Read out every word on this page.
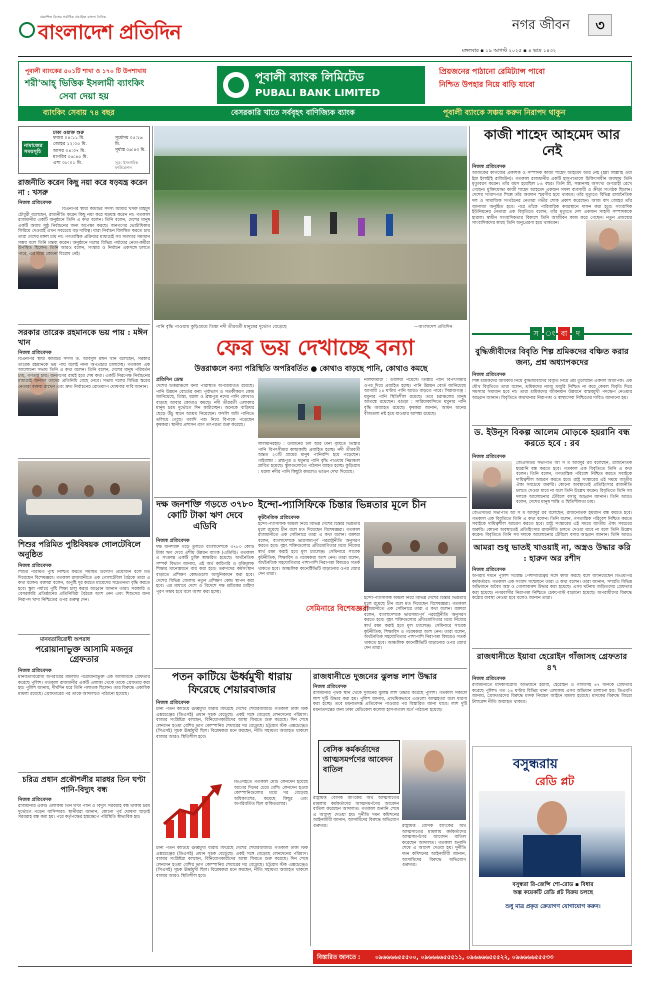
প্রকাশিত বিশ্বের সর্বাধিক প্রচারিত বাংলা দৈনিক
বাংলাদেশ প্রতিদিন	নগর জীবন	৩
মঙ্গলবার ▪ ১৯ আগস্ট ২০২৫ ▪ ৪ ভাদ্র ১৪৩২
পূবালী ব্যাংকের ৫০১টি শাখা ও ১৭০ টি উপশাখায়
শরী'আহ্ ভিত্তিক ইসলামী ব্যাংকিং
সেবা দেয়া হয়
পূবালী ব্যাংক লিমিটেড
PUBALI BANK LIMITED
প্রিয়জনের পাঠানো রেমিট্যান্স পাবো
নিশ্চিত উপহার নিয়ে বাড়ি যাবো
ব্যাংকিং সেবায় ৭৪ বছর	বেসরকারি খাতে সর্ববৃহৎ বাণিজ্যিক ব্যাংক	পূবালী ব্যাংকে সঞ্চয় করুন নিরাপদ থাকুন
নামাজের সময়সূচি
ঢাকা ওয়াক্ত শুরু
ফজর ০৪:১১ মি.
জোহর ১২:০৫ মি.
আসর ০৪:৩৭ মি.
মাগরিব ০৬:৪৫ মি.
এশা ০৮:০১ মি.
সূর্যোদয় ০৫:২৬ মি.
সূর্যাস্ত ০৬:৪৩ মি.
সূত্র: ইসলামিক ফাউন্ডেশন
রাজনীতি করেন কিছু নয়া করে ষড়যন্ত্র করেন না : খসরু
নিজস্ব প্রতিবেদক
বিএনপির স্থায়ী কমিটির সদস্য আমীর খসরু মাহমুদ চৌধুরী বলেছেন, রাজনীতি করেন কিছু নয়া করে ষড়যন্ত্র করেন না। গতকাল রাজধানীর একটি অনুষ্ঠানে তিনি এ কথা বলেন। তিনি বলেন, দেশের মানুষ একটি অবাধ সুষ্ঠু নির্বাচনের জন্য অপেক্ষা করছে। জনগণের ভোটাধিকার ফিরিয়ে দেওয়াই এখন সবচেয়ে বড় দায়িত্ব। যারা নির্বাচন বিলম্বিত করতে চায় তারা দেশের মঙ্গল চায় না। গণতান্ত্রিক প্রক্রিয়ার মাধ্যমেই সব সমস্যার সমাধান সম্ভব বলে তিনি মন্তব্য করেন। অনুষ্ঠানে দলের বিভিন্ন পর্যায়ের নেতা-কর্মীরা উপস্থিত ছিলেন। তিনি আরও বলেন, সংস্কার ও নির্বাচন একসঙ্গে চলতে পারে, এর মধ্যে কোনো বিরোধ নেই।
সরকার তারেক রহমানকে ভয় পায় : মঈন খান
নিজস্ব প্রতিবেদক
বিএনপির স্থায়ী কমিটির সদস্য ড. আবদুল মঈন খান বলেছেন, সরকার তারেক রহমানকে ভয় পায় বলেই নানা অপপ্রচার চালাচ্ছে। গতকাল এক আলোচনা সভায় তিনি এ কথা বলেন। তিনি বলেন, দেশের মানুষ পরিবর্তন চায়, গণতন্ত্র চায়। জনগণের রায়ই হবে শেষ কথা। একটি নিরপেক্ষ নির্বাচনের মাধ্যমেই জনগণ তাদের প্রতিনিধি বেছে নেবে। সভায় দলের বিভিন্ন স্তরের নেতারা বক্তব্য রাখেন এবং দ্রুত নির্বাচনের রোডম্যাপ ঘোষণার দাবি জানান।
শিশুর পরিমিত পুষ্টিবিষয়ক গোলটেবিলে অনুষ্ঠিত
নিজস্ব প্রতিবেদক
শিশুর পরিমিত পুষ্টি নিশ্চিত করতে সমন্বিত উদ্যোগ প্রয়োজন বলে মত দিয়েছেন বিশেষজ্ঞরা। গতকাল রাজধানীতে এক গোলটেবিল বৈঠকে তারা এ কথা বলেন। বক্তারা বলেন, অপুষ্টি দূর করতে মায়েদের সচেতনতা বৃদ্ধি করতে হবে। স্কুল পর্যায়ে পুষ্টি শিক্ষা চালু করার আহ্বান জানান তারা। সরকারি ও বেসরকারি প্রতিষ্ঠানের প্রতিনিধিরা বৈঠকে অংশ নেন এবং শিশুদের জন্য নিরাপদ খাদ্য নিশ্চিতের ওপর গুরুত্ব দেন।
মানবতাবিরোধী অপরাধ
পরোয়ানাভুক্ত আসামি মজনুর গ্রেফতার
নিজস্ব প্রতিবেদক
মানবতাবিরোধী অপরাধের মামলায় পরোয়ানাভুক্ত এক আসামিকে গ্রেফতার করেছে পুলিশ। গতকাল রাজধানীর একটি এলাকা থেকে তাকে গ্রেফতার করা হয়। পুলিশ জানায়, দীর্ঘদিন ধরে তিনি পলাতক ছিলেন। তার বিরুদ্ধে একাধিক মামলা রয়েছে। গ্রেফতারের পর তাকে আদালতে পাঠানো হয়েছে।
চরিত্র প্রধান প্রকৌশলীর মারধর তিন ঘণ্টা পানি-বিদ্যুৎ বন্ধ
নিজস্ব প্রতিবেদক
রাজধানীর একটি এলাকায় তিন ঘণ্টা পানি ও বিদ্যুৎ সরবরাহ বন্ধ থাকায় চরম দুর্ভোগে পড়েন বাসিন্দারা। স্থানীয়রা জানান, কোনো পূর্ব ঘোষণা ছাড়াই সরবরাহ বন্ধ করা হয়। পরে কর্তৃপক্ষের হস্তক্ষেপে পরিস্থিতি স্বাভাবিক হয়।
পানি বৃদ্ধি পাওয়ায় কুড়িগ্রামে তিস্তা নদী তীরবর্তী মানুষের দুর্ভোগ বেড়েছে	—বাংলাদেশ প্রতিদিন
ফের ভয় দেখাচ্ছে বন্যা
উত্তরাঞ্চলে বন্যা পরিস্থিতি অপরিবর্তিত ● কোথাও বাড়ছে পানি, কোথাও কমছে
প্রতিদিন ডেস্ক
দেশের উত্তরাঞ্চলে বন্যা পরিস্থিতি অপরিবর্তিত রয়েছে। পানি উন্নয়ন বোর্ডের বন্যা পূর্বাভাস ও সতর্কীকরণ কেন্দ্র জানিয়েছে, তিস্তা, ধরলা ও ব্রহ্মপুত্র নদের পানি কোথাও বাড়ছে আবার কোথাও কমছে। নদী তীরবর্তী এলাকার মানুষ চরম দুর্ভোগে দিন কাটাচ্ছেন। অনেকে বাড়িঘর ছেড়ে উঁচু স্থানে আশ্রয় নিয়েছেন। ফসলি জমি পানিতে তলিয়ে গেছে। গবাদি পশু নিয়ে বিপাকে পড়েছেন কৃষকরা। স্থানীয় প্রশাসন ত্রাণ তৎপরতা শুরু করেছে।
লালমনিরহাট : উজানের ঢল আর টানা বৃষ্টিতে তিস্তার পানি বিপৎসীমার কাছাকাছি প্রবাহিত হচ্ছে। নদী তীরবর্তী অন্তত ২০টি গ্রামের মানুষ পানিবন্দি হয়ে পড়েছেন। গাইবান্ধা : ব্রহ্মপুত্র ও যমুনার পানি বৃদ্ধি পাওয়ায় নিম্নাঞ্চল প্লাবিত হয়েছে। স্কুলগুলোতে পাঠদান ব্যাহত হচ্ছে। কুড়িগ্রাম : ধরলা নদীর পানি কিছুটা কমলেও ভাঙন দেখা দিয়েছে।
নীলফামারী : ডালিয়া পয়েন্টে তিস্তার পানি বিপৎসীমার ওপর দিয়ে প্রবাহিত হচ্ছে। পানি উন্নয়ন বোর্ড জানিয়েছে আগামী ২৪ ঘণ্টায় পানি আরও বাড়তে পারে। সিরাজগঞ্জ : যমুনার পানি স্থিতিশীল রয়েছে। তবে চরাঞ্চলের মানুষ আতঙ্কে রয়েছেন। বগুড়া : সারিয়াকান্দিতে যমুনার পানি বৃদ্ধি অব্যাহত রয়েছে। কৃষকরা জানান, আমন ধানের বীজতলা নষ্ট হয়ে যাওয়ার আশঙ্কা রয়েছে।
দক্ষ জনশক্তি গড়তে ৩৭৮০ কোটি টাকা ঋণ দেবে এডিবি
নিজস্ব প্রতিবেদক
দক্ষ জনশক্তি গড়ে তুলতে বাংলাদেশকে ৩৭৮০ কোটি টাকা ঋণ দেবে এশীয় উন্নয়ন ব্যাংক (এডিবি)। গতকাল এ সংক্রান্ত একটি চুক্তি স্বাক্ষরিত হয়েছে। অর্থনৈতিক সম্পর্ক বিভাগ জানায়, এই অর্থ কারিগরি ও বৃত্তিমূলক শিক্ষার মানোন্নয়নে ব্যয় করা হবে। তরুণদের কর্মসংস্থান বাড়াতে প্রশিক্ষণ কেন্দ্রগুলো আধুনিকায়ন করা হবে। দেশের বিভিন্ন জেলায় নতুন প্রশিক্ষণ কেন্দ্র স্থাপন করা হবে। এর মাধ্যমে দেশে ও বিদেশে দক্ষ শ্রমিকের চাহিদা পূরণ সম্ভব হবে বলে আশা করা হচ্ছে।
ইন্দো-প্যাসিফিকে চিন্তার ভিন্নতার মূলে চীন
কূটনৈতিক প্রতিবেদক
ইন্দো-প্যাসিফিক অঞ্চল নিয়ে বিভিন্ন দেশের চিন্তার ভিন্নতার মূলে রয়েছে চীন বলে মত দিয়েছেন বিশেষজ্ঞরা। গতকাল রাজধানীতে এক সেমিনারে তারা এ কথা বলেন। বক্তারা বলেন, বাংলাদেশকে ভারসাম্যপূর্ণ পররাষ্ট্রনীতি অনুসরণ করতে হবে। বৃহৎ শক্তিগুলোর প্রতিযোগিতার মধ্যে নিজের স্বার্থ রক্ষা করাই হবে মূল চ্যালেঞ্জ। সেমিনারে সাবেক কূটনীতিক, শিক্ষাবিদ ও গবেষকরা অংশ নেন। তারা বলেন, অর্থনৈতিক সহযোগিতার পাশাপাশি নিরাপত্তা বিষয়েও সতর্ক থাকতে হবে। আঞ্চলিক কানেক্টিভিটি বাড়ানোর ওপর জোর দেন তারা।
সেমিনারে বিশেষজ্ঞরা
ইন্দো-প্যাসিফিক অঞ্চল নিয়ে বিভিন্ন দেশের চিন্তার ভিন্নতার মূলে রয়েছে চীন বলে মত দিয়েছেন বিশেষজ্ঞরা। গতকাল রাজধানীতে এক সেমিনারে তারা এ কথা বলেন। বক্তারা বলেন, বাংলাদেশকে ভারসাম্যপূর্ণ পররাষ্ট্রনীতি অনুসরণ করতে হবে। বৃহৎ শক্তিগুলোর প্রতিযোগিতার মধ্যে নিজের স্বার্থ রক্ষা করাই হবে মূল চ্যালেঞ্জ। সেমিনারে সাবেক কূটনীতিক, শিক্ষাবিদ ও গবেষকরা অংশ নেন। তারা বলেন, অর্থনৈতিক সহযোগিতার পাশাপাশি নিরাপত্তা বিষয়েও সতর্ক থাকতে হবে। আঞ্চলিক কানেক্টিভিটি বাড়ানোর ওপর জোর দেন তারা।
পতন কাটিয়ে ঊর্ধ্বমুখী ধারায় ফিরেছে শেয়ারবাজার
নিজস্ব প্রতিবেদক
টানা পতন কাটিয়ে ঊর্ধ্বমুখী ধারায় ফিরেছে দেশের শেয়ারবাজার। গতকাল ঢাকা স্টক এক্সচেঞ্জের (ডিএসই) প্রধান সূচক বেড়েছে। একই সঙ্গে বেড়েছে লেনদেনের পরিমাণ। বাজার সংশ্লিষ্টরা বলছেন, বিনিয়োগকারীদের আস্থা ফিরতে শুরু করেছে। দিন শেষে লেনদেন হওয়া বেশির ভাগ কোম্পানির শেয়ারের দর বেড়েছে। চট্টগ্রাম স্টক এক্সচেঞ্জেও (সিএসই) সূচক ঊর্ধ্বমুখী ছিল। বিশ্লেষকরা মনে করছেন, নীতি সহায়তা অব্যাহত থাকলে বাজার আরও স্থিতিশীল হবে।
ডিএসইতে গতকাল মোট লেনদেন হয়েছে আগের দিনের চেয়ে বেশি। লেনদেন হওয়া কোম্পানিগুলোর মধ্যে দর বেড়েছে অধিকাংশের, কমেছে কিছুর এবং অপরিবর্তিত ছিল বাকিগুলোর।
টানা পতন কাটিয়ে ঊর্ধ্বমুখী ধারায় ফিরেছে দেশের শেয়ারবাজার। গতকাল ঢাকা স্টক এক্সচেঞ্জের (ডিএসই) প্রধান সূচক বেড়েছে। একই সঙ্গে বেড়েছে লেনদেনের পরিমাণ। বাজার সংশ্লিষ্টরা বলছেন, বিনিয়োগকারীদের আস্থা ফিরতে শুরু করেছে। দিন শেষে লেনদেন হওয়া বেশির ভাগ কোম্পানির শেয়ারের দর বেড়েছে। চট্টগ্রাম স্টক এক্সচেঞ্জেও (সিএসই) সূচক ঊর্ধ্বমুখী ছিল। বিশ্লেষকরা মনে করছেন, নীতি সহায়তা অব্যাহত থাকলে বাজার আরও স্থিতিশীল হবে।
রাজধানীতে দুজনের ঝুলন্ত লাশ উদ্ধার
নিজস্ব প্রতিবেদক
রাজধানীর পৃথক স্থান থেকে দুজনের ঝুলন্ত লাশ উদ্ধার করেছে পুলিশ। গতকাল সকালে লাশ দুটি উদ্ধার করা হয়। পুলিশ জানায়, প্রাথমিকভাবে এগুলো আত্মহত্যা বলে ধারণা করা হচ্ছে। তবে ময়নাতদন্ত প্রতিবেদন পাওয়ার পর বিস্তারিত জানা যাবে। লাশ দুটি ময়নাতদন্তের জন্য ঢাকা মেডিকেল কলেজ হাসপাতাল মর্গে পাঠানো হয়েছে।
বেসিক কর্মকর্তাদের আত্মসমর্পণের আবেদন বাতিল
রাষ্ট্রায়ত্ত বেসিক ব্যাংকের অর্থ আত্মসাতের মামলায় কর্মকর্তাদের আত্মসমর্পণের আবেদন বাতিল করেছেন আদালত। গতকাল শুনানি শেষে এ আদেশ দেওয়া হয়। দুর্নীতি দমন কমিশনের আইনজীবী জানান, আসামিদের বিরুদ্ধে অভিযোগ গুরুতর।	রাষ্ট্রায়ত্ত বেসিক ব্যাংকের অর্থ আত্মসাতের মামলায় কর্মকর্তাদের আত্মসমর্পণের আবেদন বাতিল করেছেন আদালত। গতকাল শুনানি শেষে এ আদেশ দেওয়া হয়। দুর্নীতি দমন কমিশনের আইনজীবী জানান, আসামিদের বিরুদ্ধে অভিযোগ গুরুতর।
কাজী শাহেদ আহমেদ আর নেই
নিজস্ব প্রতিবেদক
আজকের কাগজের প্রকাশক ও সম্পাদক কাজী শাহেদ আহমেদ আর নেই (ইন্না লিল্লাহি ওয়া ইন্না ইলাইহি রাজিউন)। গতকাল রাজধানীর একটি হাসপাতালে চিকিৎসাধীন অবস্থায় তিনি মৃত্যুবরণ করেন। তাঁর বয়স হয়েছিল ৮৪ বছর। তিনি স্ত্রী, সন্তানসহ অসংখ্য গুণগ্রাহী রেখে গেছেন। মুক্তিযোদ্ধা কাজী শাহেদ আহমেদ একজন সফল ব্যবসায়ী ও ক্রীড়া সংগঠক ছিলেন। দেশের সংবাদপত্র শিল্পে তাঁর অবদান স্মরণীয় হয়ে থাকবে। তাঁর মৃত্যুতে বিভিন্ন রাজনৈতিক দল ও সামাজিক সংগঠনের নেতারা গভীর শোক প্রকাশ করেছেন। আজ বাদ জোহর তাঁর জানাজা অনুষ্ঠিত হবে। পরে তাঁকে পারিবারিক কবরস্থানে দাফন করা হবে। সাংবাদিক ইউনিয়নের নেতারা এক বিবৃতিতে বলেন, তাঁর মৃত্যুতে দেশ একজন সাহসী সম্পাদককে হারাল। স্বাধীন সাংবাদিকতার বিকাশে তিনি আজীবন কাজ করে গেছেন। নতুন প্রজন্মের সাংবাদিকদের কাছে তিনি অনুপ্রেরণা হয়ে থাকবেন।
স ং বা	দ
বুদ্ধিজীবীদের বিবৃতি শিল্প শ্রমিকদের বঞ্চিত করার জন্য, প্রশ্ন অধ্যাপকদের
নিজস্ব প্রতিবেদক
শিল্প শ্রমিকদের অধিকার নিয়ে বুদ্ধিজীবীদের বিবৃতি নিয়ে প্রশ্ন তুলেছেন একদল অধ্যাপক। এক যৌথ বিবৃতিতে তারা বলেন, শ্রমিকদের ন্যায্য মজুরি নিশ্চিত না করে কেবল বিবৃতি দিয়ে সমস্যার সমাধান হবে না। তারা শ্রমিকদের জীবনমান উন্নয়নে বাস্তবমুখী পদক্ষেপ নেওয়ার আহ্বান জানান। বিবৃতিতে কারখানার নিরাপত্তা ও স্বাস্থ্যসেবা নিশ্চিতের দাবিও জানানো হয়।
ড. ইউনূস বিকল্প আলেম মোড়কে হয়রানি বন্ধ করতে হবে : রব
নিজস্ব প্রতিবেদক
জেএসডির সভাপতি আ স ম আবদুর রব বলেছেন, রাজনৈতিক হয়রানি বন্ধ করতে হবে। গতকাল এক বিবৃতিতে তিনি এ কথা বলেন। তিনি বলেন, গণতান্ত্রিক পরিবেশ নিশ্চিত করতে সবাইকে দায়িত্বশীল আচরণ করতে হবে। রাষ্ট্র সংস্কারের এই সময়ে জাতীয় ঐক্য সবচেয়ে জরুরি। কোনো অবস্থাতেই প্রতিহিংসার রাজনীতি চলতে দেওয়া যাবে না বলে তিনি উল্লেখ করেন। বিবৃতিতে তিনি সব দলকে আলোচনার টেবিলে বসার আহ্বান জানান। তিনি আরও বলেন, দেশের মানুষ শান্তি ও স্থিতিশীলতা চায়।
জেএসডির সভাপতি আ স ম আবদুর রব বলেছেন, রাজনৈতিক হয়রানি বন্ধ করতে হবে। গতকাল এক বিবৃতিতে তিনি এ কথা বলেন। তিনি বলেন, গণতান্ত্রিক পরিবেশ নিশ্চিত করতে সবাইকে দায়িত্বশীল আচরণ করতে হবে। রাষ্ট্র সংস্কারের এই সময়ে জাতীয় ঐক্য সবচেয়ে জরুরি। কোনো অবস্থাতেই প্রতিহিংসার রাজনীতি চলতে দেওয়া যাবে না বলে তিনি উল্লেখ করেন। বিবৃতিতে তিনি সব দলকে আলোচনার টেবিলে বসার আহ্বান জানান। তিনি আরও
আমরা শুধু ভাতই খাওয়াই না, অস্ত্রও উদ্ধার করি : হারুন অর রশীদ
নিজস্ব প্রতিবেদক
অপরাধ দমনে পুলিশ সর্বোচ্চ পেশাদারিত্বের সঙ্গে কাজ করছে বলে জানিয়েছেন ডিএমপির কর্মকর্তারা। গতকাল এক সংবাদ সম্মেলনে তারা এ কথা বলেন। তারা জানান, সম্প্রতি বিভিন্ন অভিযানে অবৈধ অস্ত্র ও গোলাবারুদ উদ্ধার করা হয়েছে। এসব ঘটনায় জড়িতদের গ্রেফতার করা হয়েছে। নগরবাসীর নিরাপত্তা নিশ্চিতে চেকপোস্ট বাড়ানো হয়েছে। অপরাধীদের বিরুদ্ধে কঠোর ব্যবস্থা নেওয়া হবে বলেও জানান তারা।
রাজধানীতে ইয়াবা হেরোইন গাঁজাসহ গ্রেফতার ৪৭
নিজস্ব প্রতিবেদক
রাজধানীতে মাদকবিরোধী অভিযানে ইয়াবা, হেরোইন ও গাঁজাসহ ৪৭ জনকে গ্রেফতার করেছে পুলিশ। গত ২৪ ঘণ্টায় বিভিন্ন থানা এলাকায় এসব অভিযান চালানো হয়। ডিএমপি জানায়, গ্রেফতারদের বিরুদ্ধে মাদক নিয়ন্ত্রণ আইনে মামলা হয়েছে। মাদকের বিরুদ্ধে জিরো টলারেন্স নীতি অব্যাহত থাকবে।
বসুন্ধরায়
রেডি প্লট
বসুন্ধরা রি-জেন্সি শো-রোড ▪ বিধার
অল্প কয়েকটি রেডি প্লট বিক্রয় চলছে
শুধু মাত্র প্রকৃত ক্রেতাগণ যোগাযোগ করুন।
বিস্তারিত জানতে :	০৯৬৬৬৬৫৫৫০০, ০৯৬৬৬৬৫৫৫১১, ০৯৬৬৬৬৫৫৫২২, ০৯৬৬৬৬৫৫৫৩৩
